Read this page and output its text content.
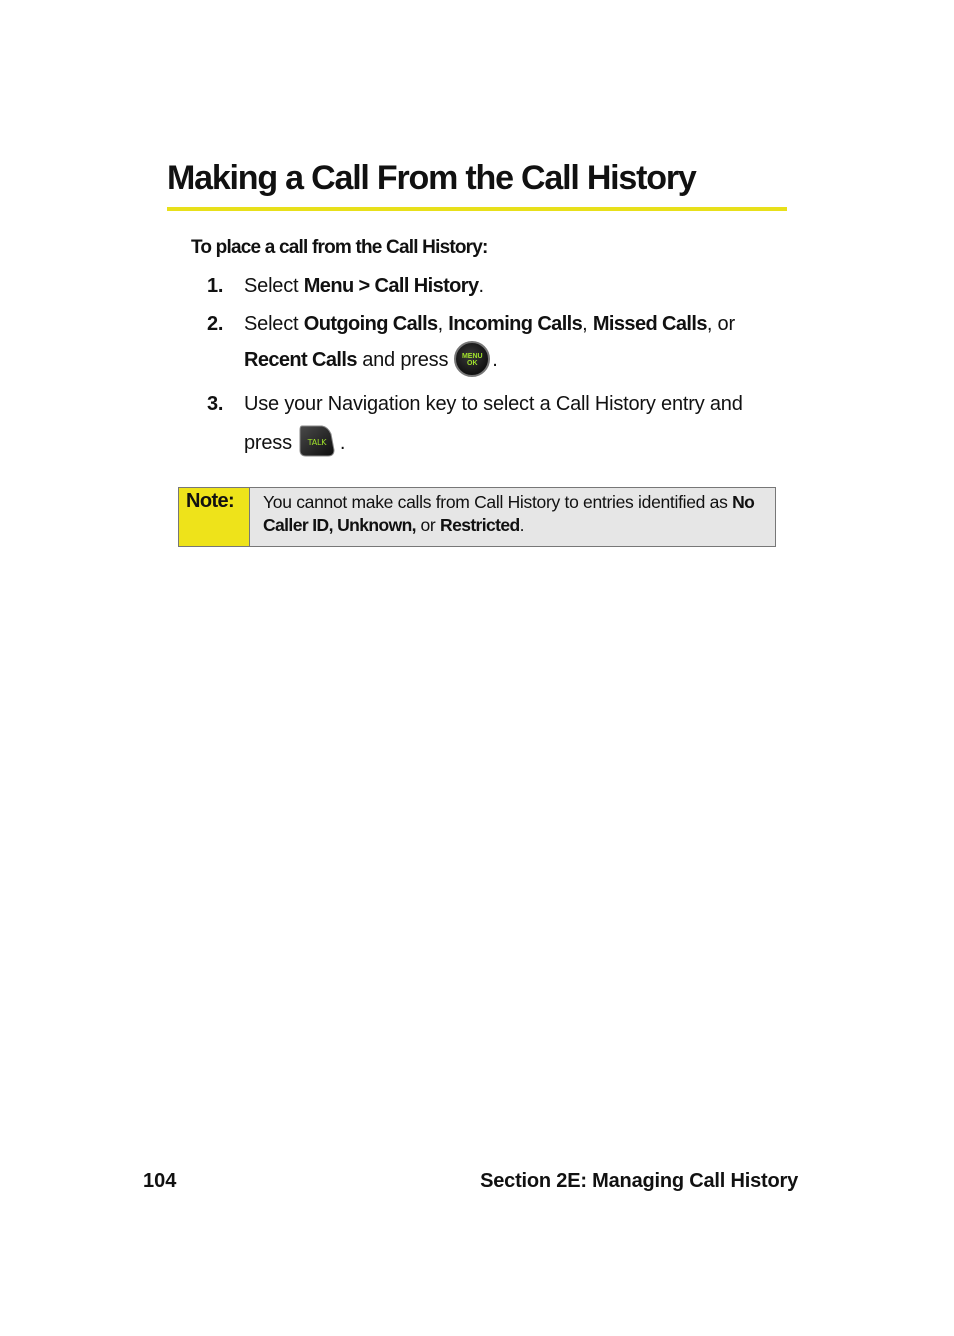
Making a Call From the Call History
To place a call from the Call History:
1. Select Menu > Call History.
2. Select Outgoing Calls, Incoming Calls, Missed Calls, or
Recent Calls and press	MENU
OK .
3. Use your Navigation key to select a Call History entry and press TALK .
Note:	You cannot make calls from Call History to entries identified as No Caller ID, Unknown, or Restricted.
104	Section 2E: Managing Call History
